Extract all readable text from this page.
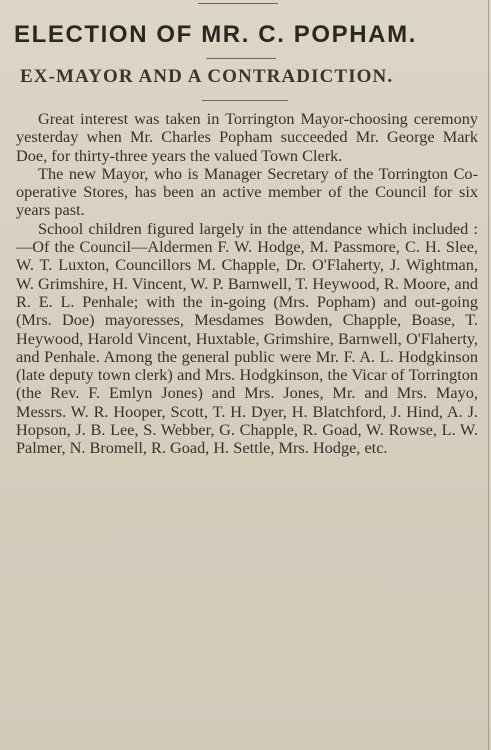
ELECTION OF MR. C. POPHAM.
EX-MAYOR AND A CONTRADICTION.

Great interest was taken in Torrington Mayor-choosing ceremony yesterday when Mr. Charles Popham succeeded Mr. George Mark Doe, for thirty-three years the valued Town Clerk.

The new Mayor, who is Manager Secretary of the Torrington Co-operative Stores, has been an active member of the Council for six years past.

School children figured largely in the attendance which included :—Of the Council—Aldermen F. W. Hodge, M. Passmore, C. H. Slee, W. T. Luxton, Councillors M. Chapple, Dr. O'Flaherty, J. Wightman, W. Grimshire, H. Vincent, W. P. Barnwell, T. Heywood, R. Moore, and R. E. L. Penhale; with the in-going (Mrs. Popham) and out-going (Mrs. Doe) mayoresses, Mesdames Bowden, Chapple, Boase, T. Heywood, Harold Vincent, Huxtable, Grimshire, Barnwell, O'Flaherty, and Penhale. Among the general public were Mr. F. A. L. Hodgkinson (late deputy town clerk) and Mrs. Hodgkinson, the Vicar of Torrington (the Rev. F. Emlyn Jones) and Mrs. Jones, Mr. and Mrs. Mayo, Messrs. W. R. Hooper, Scott, T. H. Dyer, H. Blatchford, J. Hind, A. J. Hopson, J. B. Lee, S. Webber, G. Chapple, R. Goad, W. Rowse, L. W. Palmer, N. Bromell, R. Goad, H. Settle, Mrs. Hodge, etc.
